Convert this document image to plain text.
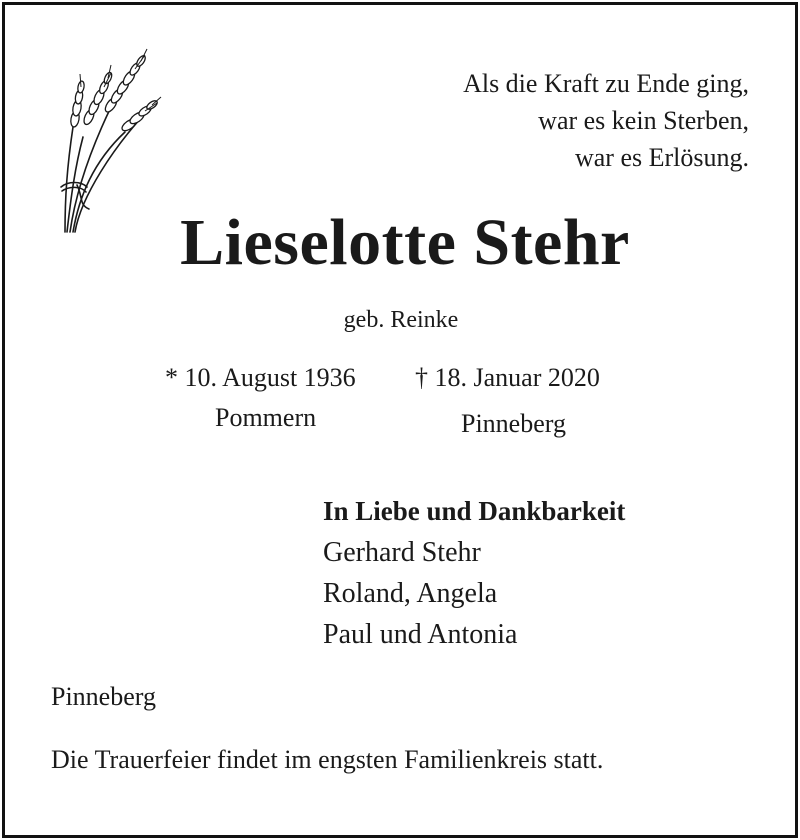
Als die Kraft zu Ende ging,
war es kein Sterben,
war es Erlösung.
Lieselotte Stehr
geb. Reinke
* 10. August 1936 † 18. Januar 2020
Pommern	Pinneberg
In Liebe und Dankbarkeit
Gerhard Stehr
Roland, Angela
Paul und Antonia
Pinneberg
Die Trauerfeier findet im engsten Familienkreis statt.
